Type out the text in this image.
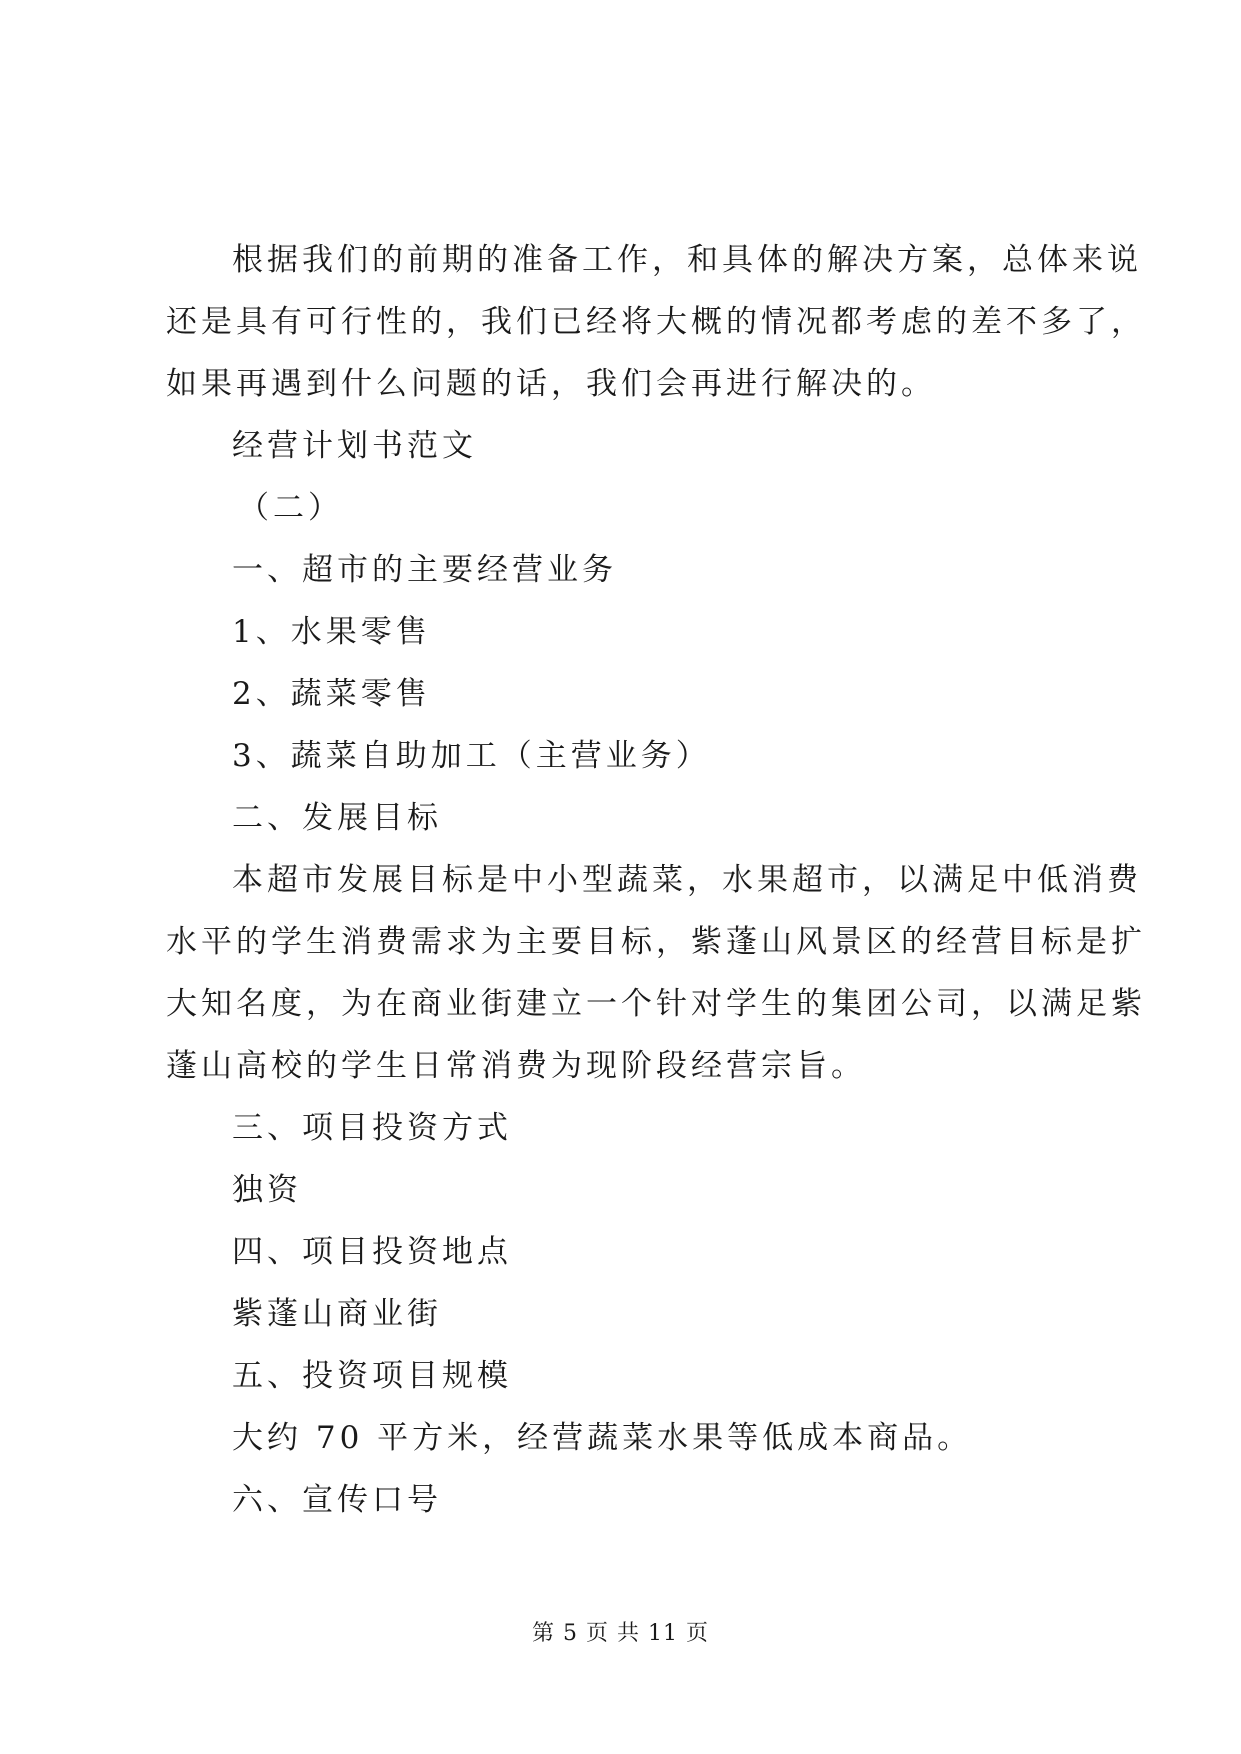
根据我们的前期的准备工作，和具体的解决方案，总体来说
还是具有可行性的，我们已经将大概的情况都考虑的差不多了，
如果再遇到什么问题的话，我们会再进行解决的。
经营计划书范文
（二）
一、超市的主要经营业务
1、水果零售
2、蔬菜零售
3、蔬菜自助加工（主营业务）
二、发展目标
本超市发展目标是中小型蔬菜，水果超市，以满足中低消费
水平的学生消费需求为主要目标，紫蓬山风景区的经营目标是扩
大知名度，为在商业街建立一个针对学生的集团公司，以满足紫
蓬山高校的学生日常消费为现阶段经营宗旨。
三、项目投资方式
独资
四、项目投资地点
紫蓬山商业街
五、投资项目规模
大约 70 平方米，经营蔬菜水果等低成本商品。
六、宣传口号
第 5 页 共 11 页
